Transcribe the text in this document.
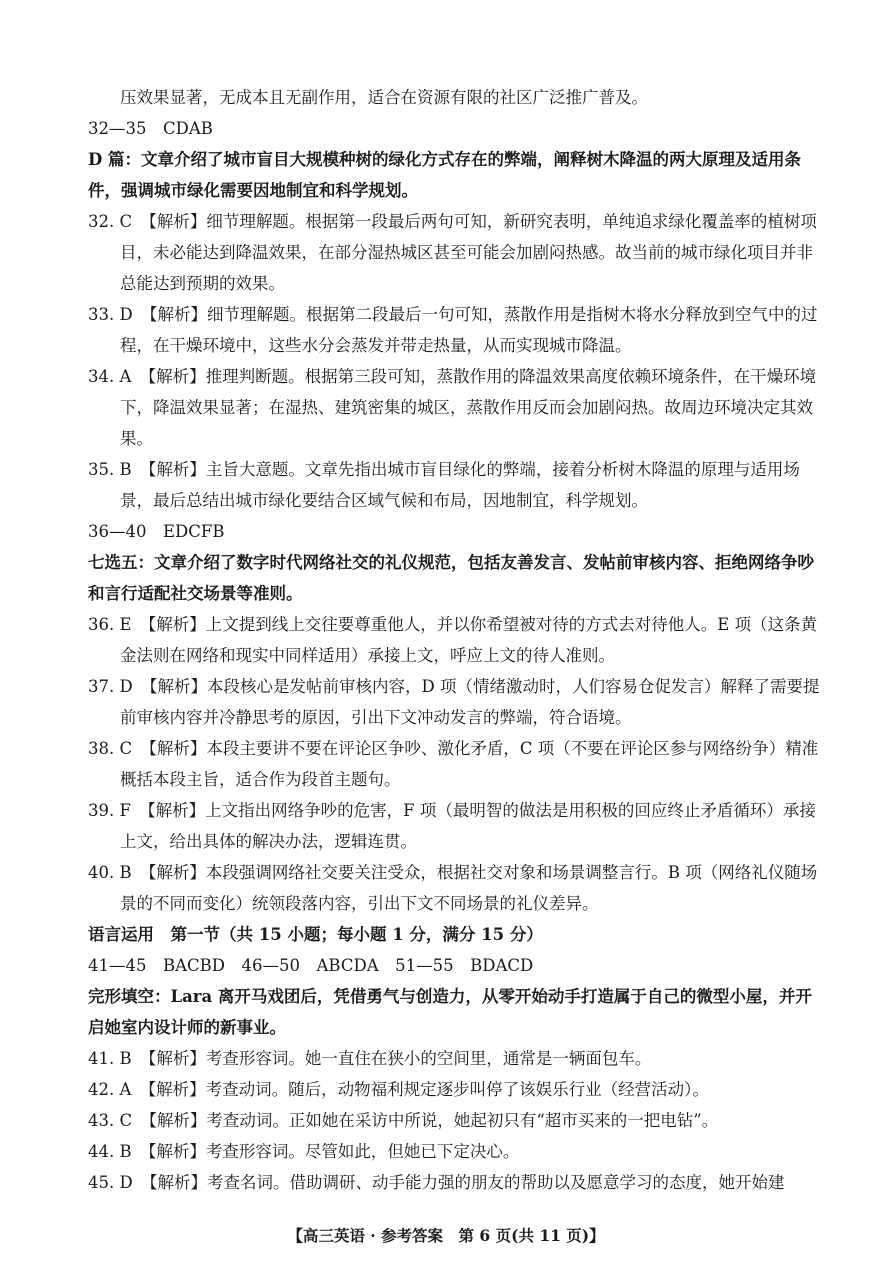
压效果显著，无成本且无副作用，适合在资源有限的社区广泛推广普及。
32—35　CDAB
D 篇：文章介绍了城市盲目大规模种树的绿化方式存在的弊端，阐释树木降温的两大原理及适用条件，强调城市绿化需要因地制宜和科学规划。
32. C　【解析】细节理解题。根据第一段最后两句可知，新研究表明，单纯追求绿化覆盖率的植树项目，未必能达到降温效果，在部分湿热城区甚至可能会加剧闷热感。故当前的城市绿化项目并非总能达到预期的效果。
33. D　【解析】细节理解题。根据第二段最后一句可知，蒸散作用是指树木将水分释放到空气中的过程，在干燥环境中，这些水分会蒸发并带走热量，从而实现城市降温。
34. A　【解析】推理判断题。根据第三段可知，蒸散作用的降温效果高度依赖环境条件，在干燥环境下，降温效果显著；在湿热、建筑密集的城区，蒸散作用反而会加剧闷热。故周边环境决定其效果。
35. B　【解析】主旨大意题。文章先指出城市盲目绿化的弊端，接着分析树木降温的原理与适用场景，最后总结出城市绿化要结合区域气候和布局，因地制宜，科学规划。
36—40　EDCFB
七选五：文章介绍了数字时代网络社交的礼仪规范，包括友善发言、发帖前审核内容、拒绝网络争吵和言行适配社交场景等准则。
36. E　【解析】上文提到线上交往要尊重他人，并以你希望被对待的方式去对待他人。E 项（这条黄金法则在网络和现实中同样适用）承接上文，呼应上文的待人准则。
37. D　【解析】本段核心是发帖前审核内容，D 项（情绪激动时，人们容易仓促发言）解释了需要提前审核内容并冷静思考的原因，引出下文冲动发言的弊端，符合语境。
38. C　【解析】本段主要讲不要在评论区争吵、激化矛盾，C 项（不要在评论区参与网络纷争）精准概括本段主旨，适合作为段首主题句。
39. F　【解析】上文指出网络争吵的危害，F 项（最明智的做法是用积极的回应终止矛盾循环）承接上文，给出具体的解决办法，逻辑连贯。
40. B　【解析】本段强调网络社交要关注受众，根据社交对象和场景调整言行。B 项（网络礼仪随场景的不同而变化）统领段落内容，引出下文不同场景的礼仪差异。
语言运用　第一节（共 15 小题；每小题 1 分，满分 15 分）
41—45　BACBD　46—50　ABCDA　51—55　BDACD
完形填空：Lara 离开马戏团后，凭借勇气与创造力，从零开始动手打造属于自己的微型小屋，并开启她室内设计师的新事业。
41. B　【解析】考查形容词。她一直住在狭小的空间里，通常是一辆面包车。
42. A　【解析】考查动词。随后，动物福利规定逐步叫停了该娱乐行业（经营活动）。
43. C　【解析】考查动词。正如她在采访中所说，她起初只有“超市买来的一把电钻”。
44. B　【解析】考查形容词。尽管如此，但她已下定决心。
45. D　【解析】考查名词。借助调研、动手能力强的朋友的帮助以及愿意学习的态度，她开始建
【高三英语 · 参考答案　第 6 页(共 11 页)】
